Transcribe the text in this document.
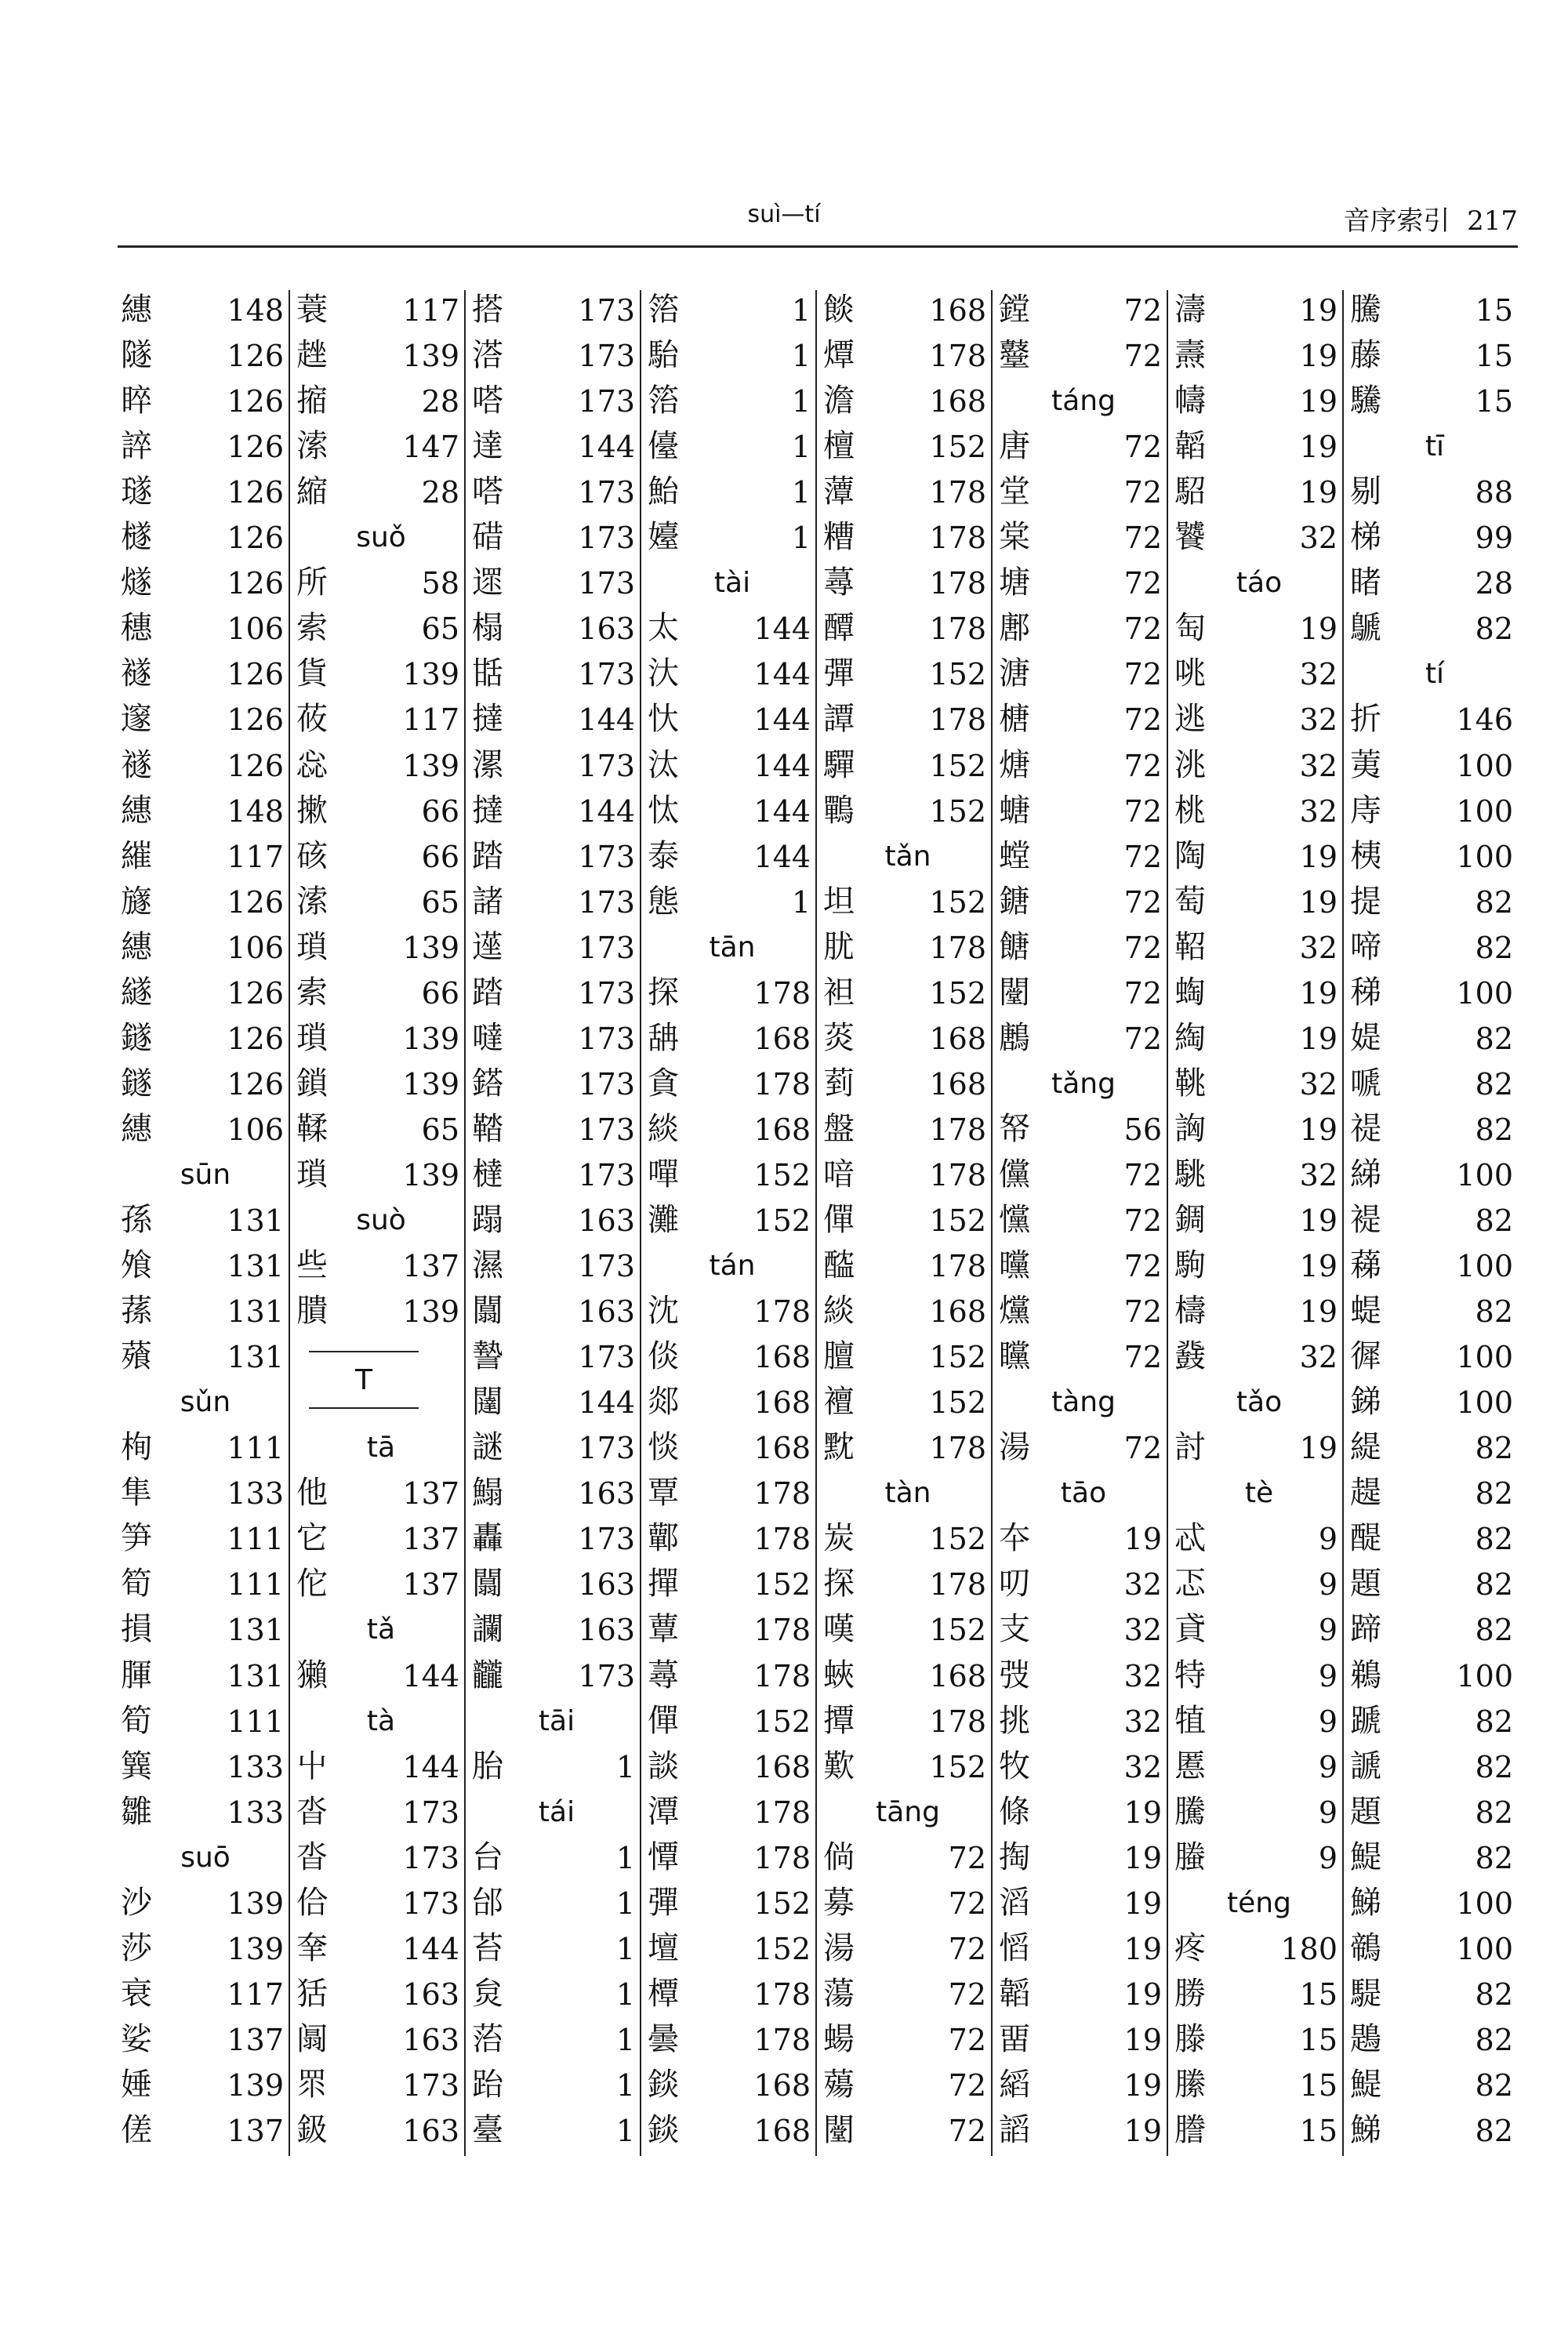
suì—tí	音序索引 217
繐	148
隧	126
睟	126
誶	126
璲	126
檖	126
燧	126
穗	106
襚	126
邃	126
禭	126
繐	148
繀	117
旞	126
繐	106
繸	126
鐩	126
鐩	126
繐	106
sūn
孫	131
飧	131
蓀	131
薞	131
sǔn
栒	111
隼	133
笋	111
筍	111
損	131
腪	131
筍	111
簨	133
雛	133
suō
沙	139
莎	139
衰	117
娑	137
娷	139
傞	137
蓑	117
趖	139
摍	28
溹	147
縮	28
suǒ
所	58
索	65
貨	139
莜	117
惢	139
摗	66
硋	66
溹	65
瑣	139
索	66
瑣	139
鎖	139
鞣	65
瑣	139
suò
些	137
膭	139
T
tā
他	137
它	137
佗	137
tǎ
獺	144
tà
屮	144
沓	173
沓	173
佮	173
羍	144
狧	163
阘	163
眔	173
鈒	163
搭	173
溚	173
嗒	173
達	144
嗒	173
碏	173
遝	173
榻	163
甛	173
撻	144
漯	173
撻	144
踏	173
諸	173
遳	173
踏	173
噠	173
鎝	173
鞜	173
橽	173
蹋	163
濕	173
闒	163
謺	173
闥	144
謎	173
鰨	163
轟	173
闒	163
讕	163
龖	173
tāi
胎	1
tái
台	1
邰	1
苔	1
炱	1
菭	1
跆	1
臺	1
箈	1
駘	1
箈	1
儓	1
鮐	1
嬯	1
tài
太	144
汏	144
忕	144
汰	144
忲	144
泰	144
態	1
tān
探	178
舑	168
貪	178
緂	168
嘽	152
灘	152
tán
沈	178
倓	168
郯	168
惔	168
覃	178
鄿	178
撣	152
蕈	178
蕁	178
僤	152
談	168
潭	178
憛	178
彈	152
壇	152
橝	178
曇	178
錟	168
錟	168
餤	168
燂	178
澹	168
檀	152
藫	178
糟	178
蕁	178
醰	178
彈	152
譚	178
驒	152
鷤	152
tǎn
坦	152
肬	178
袒	152
菼	168
菿	168
盤	178
喑	178
僤	152
醓	178
緂	168
膻	152
襢	152
黕	178
tàn
炭	152
探	178
嘆	152
蛺	168
撢	178
歎	152
tāng
倘	72
募	72
湯	72
蕩	72
蝪	72
薚	72
闛	72
鏜	72
鼞	72
táng
唐	72
堂	72
棠	72
塘	72
鄌	72
溏	72
榶	72
煻	72
螗	72
螳	72
鎕	72
餹	72
闛	72
鶶	72
tǎng
帑	56
儻	72
戃	72
曭	72
爣	72
矘	72
tàng
湯	72
tāo
夲	19
叨	32
支	32
弢	32
挑	32
牧	32
條	19
掏	19
滔	19
慆	19
韜	19
畱	19
縚	19
謟	19
濤	19
燾	19
幬	19
韜	19
駋	19
饕	32
táo
匋	19
咷	32
逃	32
洮	32
桃	32
陶	19
萄	19
鞀	32
蜪	19
綯	19
鞉	32
詾	19
駣	32
錭	19
駒	19
檮	19
鼗	32
tǎo
討	19
tè
忒	9
忑	9
貣	9
特	9
犆	9
慝	9
騰	9
螣	9
téng
疼	180
勝	15
滕	15
縢	15
謄	15
騰	15
藤	15
驣	15
tī
剔	88
梯	99
睹	28
鷈	82
tí
折	146
荑	100
庤	100
桋	100
提	82
啼	82
稊	100
媞	82
嗁	82
禔	82
綈	100
褆	82
蕛	100
蝭	82
徲	100
銻	100
緹	82
趧	82
醍	82
題	82
蹄	82
鵜	100
蹏	82
謕	82
題	82
鯷	82
鮷	100
鶙	100
騠	82
鶗	82
鯷	82
鮷	82
